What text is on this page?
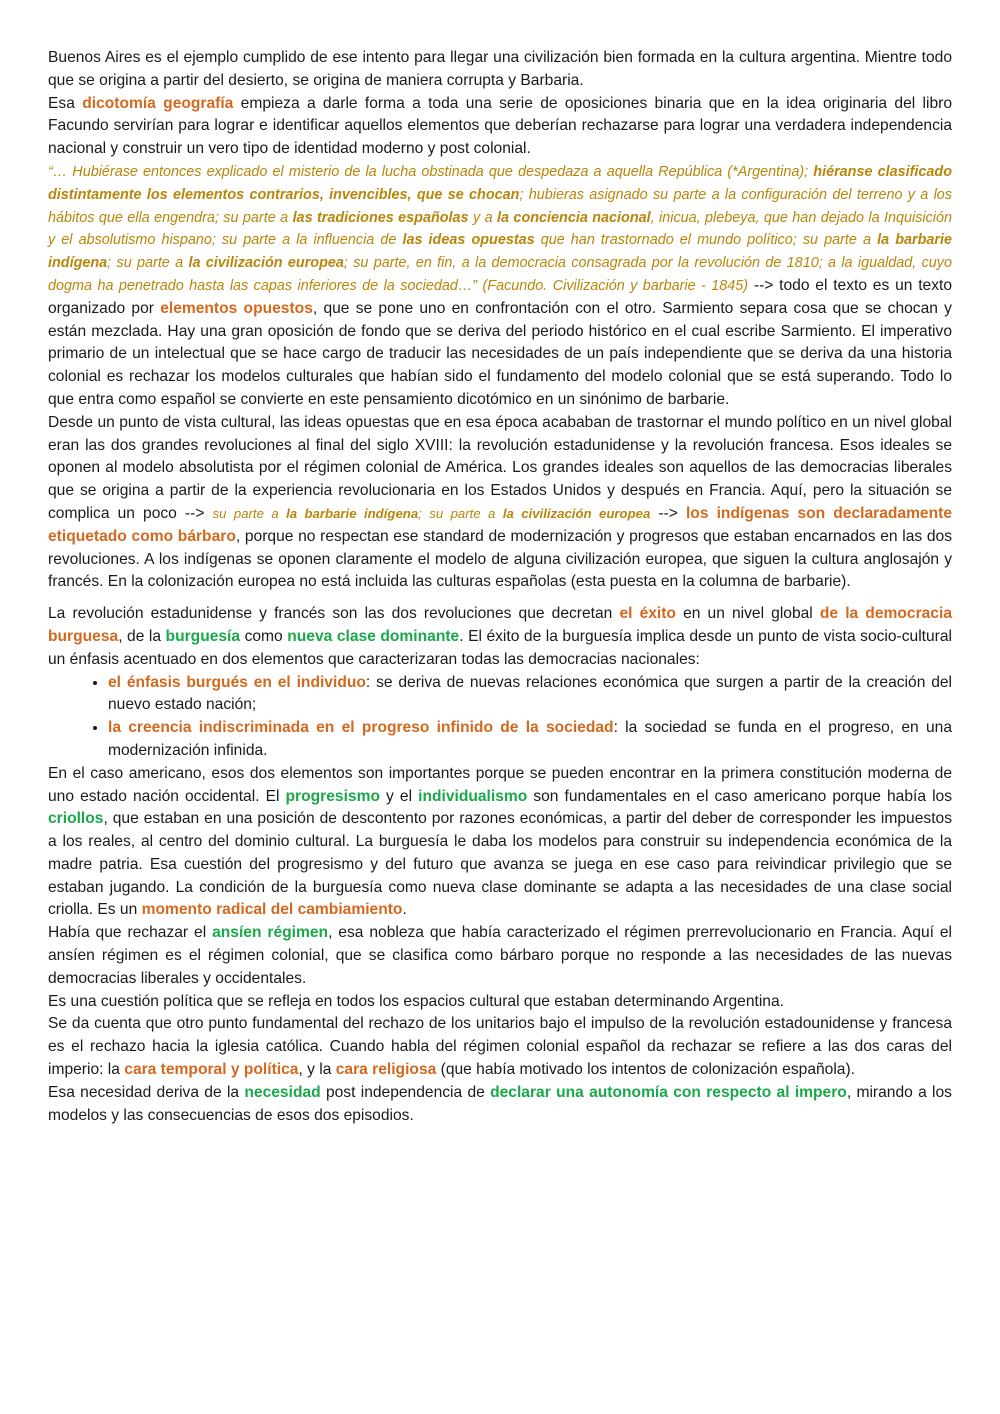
Buenos Aires es el ejemplo cumplido de ese intento para llegar una civilización bien formada en la cultura argentina. Mientre todo que se origina a partir del desierto, se origina de maniera corrupta y Barbaria.

Esa dicotomía geografía empieza a darle forma a toda una serie de oposiciones binaria que en la idea originaria del libro Facundo servirían para lograr e identificar aquellos elementos que deberían rechazarse para lograr una verdadera independencia nacional y construir un vero tipo de identidad moderno y post colonial.

“… Hubiérase entonces explicado el misterio de la lucha obstinada que despedaza a aquella República (*Argentina); hiéranse clasificado distintamente los elementos contrarios, invencibles, que se chocan; hubieras asignado su parte a la configuración del terreno y a los hábitos que ella engendra; su parte a las tradiciones españolas y a la conciencia nacional, inicua, plebeya, que han dejado la Inquisición y el absolutismo hispano; su parte a la influencia de las ideas opuestas que han trastornado el mundo político; su parte a la barbarie indígena; su parte a la civilización europea; su parte, en fin, a la democracia consagrada por la revolución de 1810; a la igualdad, cuyo dogma ha penetrado hasta las capas inferiores de la sociedad…” (Facundo. Civilización y barbarie - 1845) --> todo el texto es un texto organizado por elementos opuestos, que se pone uno en confrontación con el otro. Sarmiento separa cosa que se chocan y están mezclada. Hay una gran oposición de fondo que se deriva del periodo histórico en el cual escribe Sarmiento. El imperativo primario de un intelectual que se hace cargo de traducir las necesidades de un país independiente que se deriva da una historia colonial es rechazar los modelos culturales que habían sido el fundamento del modelo colonial que se está superando. Todo lo que entra como español se convierte en este pensamiento dicotómico en un sinónimo de barbarie.

Desde un punto de vista cultural, las ideas opuestas que en esa época acababan de trastornar el mundo político en un nivel global eran las dos grandes revoluciones al final del siglo XVIII: la revolución estadunidense y la revolución francesa. Esos ideales se oponen al modelo absolutista por el régimen colonial de América. Los grandes ideales son aquellos de las democracias liberales que se origina a partir de la experiencia revolucionaria en los Estados Unidos y después en Francia. Aquí, pero la situación se complica un poco --> su parte a la barbarie indígena; su parte a la civilización europea --> los indígenas son declaradamente etiquetado como bárbaro, porque no respectan ese standard de modernización y progresos que estaban encarnados en las dos revoluciones. A los indígenas se oponen claramente el modelo de alguna civilización europea, que siguen la cultura anglosajón y francés. En la colonización europea no está incluida las culturas españolas (esta puesta en la columna de barbarie).

La revolución estadunidense y francés son las dos revoluciones que decretan el éxito en un nivel global de la democracia burguesa, de la burguesía como nueva clase dominante. El éxito de la burguesía implica desde un punto de vista socio-cultural un énfasis acentuado en dos elementos que caracterizaran todas las democracias nacionales:

• el énfasis burgués en el individuo: se deriva de nuevas relaciones económica que surgen a partir de la creación del nuevo estado nación;
• la creencia indiscriminada en el progreso infinido de la sociedad: la sociedad se funda en el progreso, en una modernización infinida.

En el caso americano, esos dos elementos son importantes porque se pueden encontrar en la primera constitución moderna de uno estado nación occidental. El progresismo y el individualismo son fundamentales en el caso americano porque había los criollos, que estaban en una posición de descontento por razones económicas, a partir del deber de corresponder les impuestos a los reales, al centro del dominio cultural. La burguesía le daba los modelos para construir su independencia económica de la madre patria. Esa cuestión del progresismo y del futuro que avanza se juega en ese caso para reivindicar privilegio que se estaban jugando. La condición de la burguesía como nueva clase dominante se adapta a las necesidades de una clase social criolla. Es un momento radical del cambiamiento.

Había que rechazar el ansíen régimen, esa nobleza que había caracterizado el régimen prerrevolucionario en Francia. Aquí el ansíen régimen es el régimen colonial, que se clasifica como bárbaro porque no responde a las necesidades de las nuevas democracias liberales y occidentales.

Es una cuestión política que se refleja en todos los espacios cultural que estaban determinando Argentina.

Se da cuenta que otro punto fundamental del rechazo de los unitarios bajo el impulso de la revolución estadounidense y francesa es el rechazo hacia la iglesia católica. Cuando habla del régimen colonial español da rechazar se refiere a las dos caras del imperio: la cara temporal y política, y la cara religiosa (que había motivado los intentos de colonización española).

Esa necesidad deriva de la necesidad post independencia de declarar una autonomía con respecto al impero, mirando a los modelos y las consecuencias de esos dos episodios.
